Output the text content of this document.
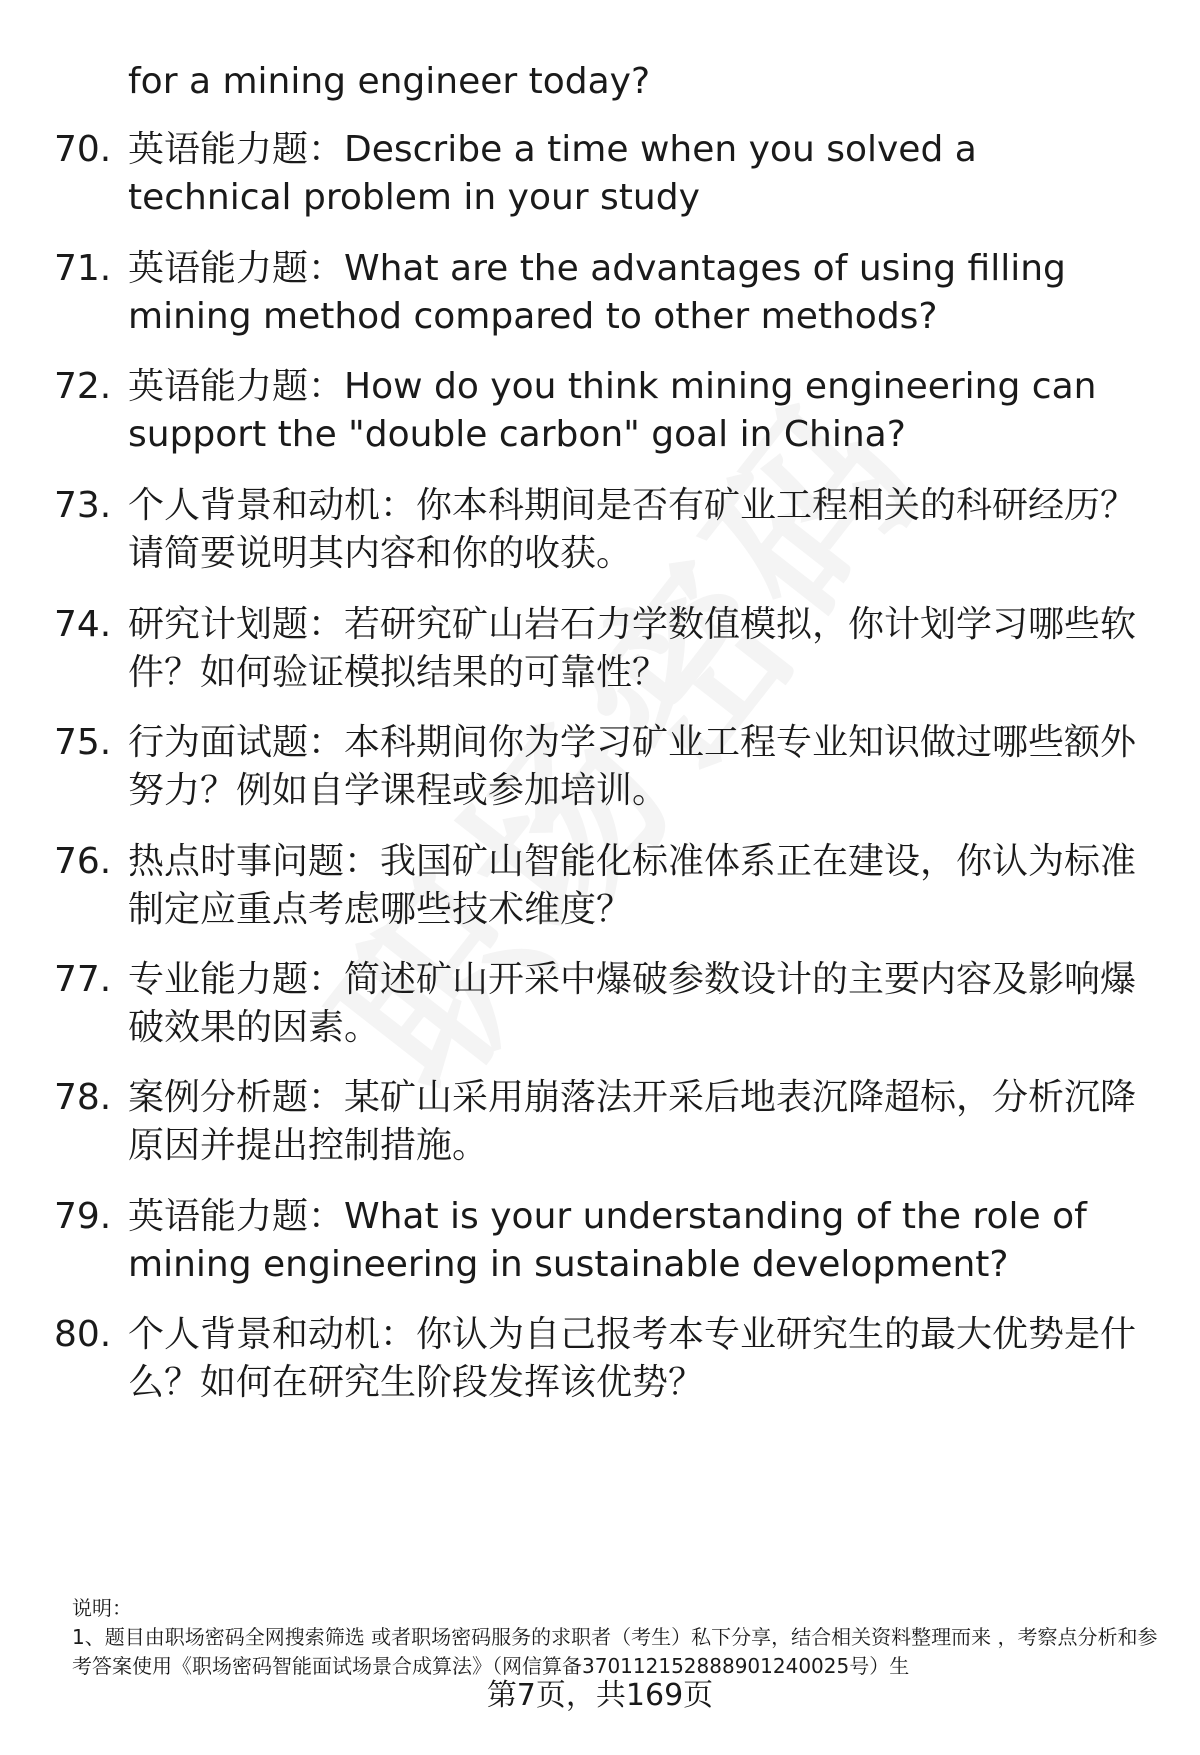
for a mining engineer today?
70. 英语能力题：Describe a time when you solved a technical problem in your study
71. 英语能力题：What are the advantages of using filling mining method compared to other methods?
72. 英语能力题：How do you think mining engineering can support the "double carbon" goal in China?
73. 个人背景和动机：你本科期间是否有矿业工程相关的科研经历？请简要说明其内容和你的收获。
74. 研究计划题：若研究矿山岩石力学数值模拟，你计划学习哪些软件？如何验证模拟结果的可靠性？
75. 行为面试题：本科期间你为学习矿业工程专业知识做过哪些额外努力？例如自学课程或参加培训。
76. 热点时事问题：我国矿山智能化标准体系正在建设，你认为标准制定应重点考虑哪些技术维度？
77. 专业能力题：简述矿山开采中爆破参数设计的主要内容及影响爆破效果的因素。
78. 案例分析题：某矿山采用崩落法开采后地表沉降超标，分析沉降原因并提出控制措施。
79. 英语能力题：What is your understanding of the role of mining engineering in sustainable development?
80. 个人背景和动机：你认为自己报考本专业研究生的最大优势是什么？如何在研究生阶段发挥该优势？
说明：
1、题目由职场密码全网搜索筛选 或者职场密码服务的求职者（考生）私下分享，结合相关资料整理而来 ，考察点分析和参考答案使用《职场密码智能面试场景合成算法》（网信算备370112152888901240025号）生
第7页，共169页
